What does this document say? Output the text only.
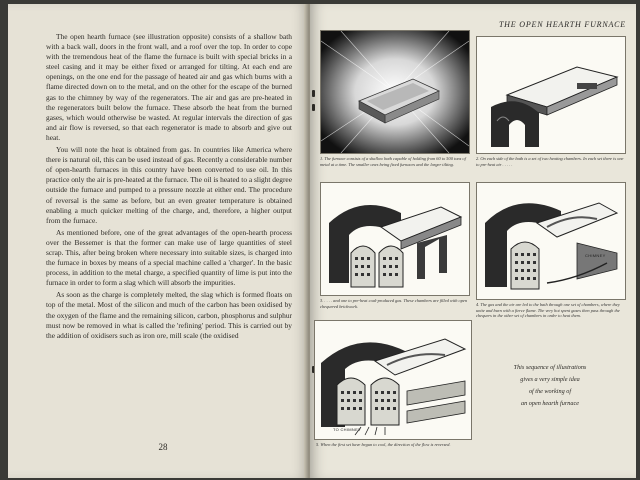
The open hearth furnace (see illustration opposite) consists of a shallow bath with a back wall, doors in the front wall, and a roof over the top. In order to cope with the tremendous heat of the flame the furnace is built with special bricks in a steel casing and it may be either fixed or arranged for tilting. At each end are openings, on the one end for the passage of heated air and gas which burns with a flame directed down on to the metal, and on the other for the escape of the burned gas to the chimney by way of the regenerators. The air and gas are pre-heated in the regenerators built below the furnace. These absorb the heat from the burned gases, which would otherwise be wasted. At regular intervals the direction of gas and air flow is reversed, so that each regenerator is made to absorb and give out heat.

You will note the heat is obtained from gas. In countries like America where there is natural oil, this can be used instead of gas. Recently a considerable number of open-hearth furnaces in this country have been converted to use oil. In this practice only the air is pre-heated at the furnace. The oil is heated to a slight degree outside the furnace and pumped to a pressure nozzle at either end. The procedure of reversal is the same as before, but an even greater temperature is obtained enabling a much quicker melting of the charge, and, therefore, a higher output from the furnace.

As mentioned before, one of the great advantages of the open-hearth process over the Bessemer is that the former can make use of large quantities of steel scrap. This, after being broken where necessary into suitable sizes, is charged into the furnace in boxes by means of a special machine called a 'charger'. In the basic process, in addition to the metal charge, a specified quantity of lime is put into the furnace in order to form a slag which will absorb the impurities.

As soon as the charge is completely melted, the slag which is formed floats on top of the metal. Most of the silicon and much of the carbon has been oxidised by the oxygen of the flame and the remaining silicon, carbon, phosphorus and sulphur must now be removed in what is called the 'refining' period. This is carried out by the addition of oxidisers such as iron ore, mill scale (the oxidised

28
THE OPEN HEARTH FURNACE
1. The furnace consists of a shallow bath capable of holding from 60 to 500 tons of metal at a time. The smaller ones being fixed furnaces and the larger tilting.
2. On each side of the bath is a set of two heating chambers. In each set there is one to pre-heat air . . . . .
3. . . . . and one to pre-heat coal-produced gas. These chambers are filled with open chequered brickwork.
CHIMNEY
4. The gas and the air are led to the bath through one set of chambers, where they unite and burn with a fierce flame. The very hot spent gases then pass through the chequers in the other set of chambers in order to heat them.
TO CHIMNEY
5. When the first set have begun to cool, the direction of the flow is reversed.
This sequence of illustrations
gives a very simple idea
of the working of
an open hearth furnace
